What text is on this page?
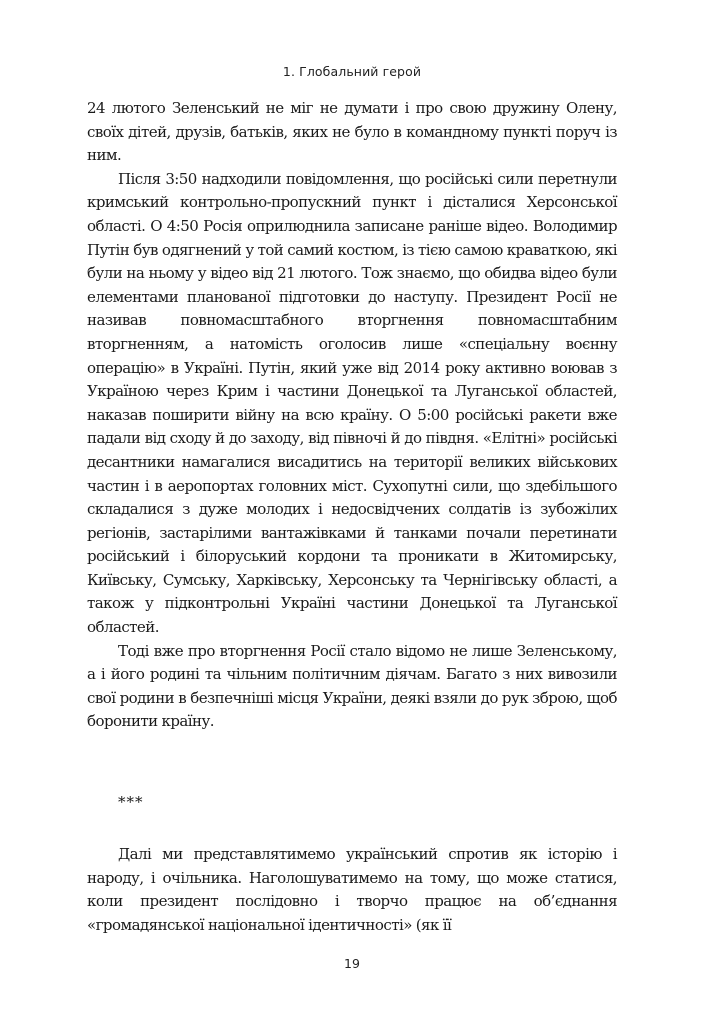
1. Глобальний герой

24 лютого Зеленський не міг не думати і про свою дружину Олену, своїх дітей, друзів, батьків, яких не було в командному пункті поруч із ним.

Після 3:50 надходили повідомлення, що російські сили перетнули кримський контрольно-пропускний пункт і дісталися Херсонської області. О 4:50 Росія оприлюднила записане раніше відео. Володимир Путін був одягнений у той самий костюм, із тією самою краваткою, які були на ньому у відео від 21 лютого. Тож знаємо, що обидва відео були елементами планованої підготовки до наступу. Президент Росії не називав повномасштабного вторгнення повномасштабним вторгненням, а натомість оголосив лише «спеціальну воєнну операцію» в Україні. Путін, який уже від 2014 року активно воював з Україною через Крим і частини Донецької та Луганської областей, наказав поширити війну на всю країну. О 5:00 російські ракети вже падали від сходу й до заходу, від півночі й до півдня. «Елітні» російські десантники намагалися висадитись на території великих військових частин і в аеропортах головних міст. Сухопутні сили, що здебільшого складалися з дуже молодих і недосвідчених солдатів із зубожілих регіонів, застарілими вантажівками й танками почали перетинати російський і білоруський кордони та проникати в Житомирську, Київську, Сумську, Харківську, Херсонську та Чернігівську області, а також у підконтрольні Україні частини Донецької та Луганської областей.

Тоді вже про вторгнення Росії стало відомо не лише Зеленському, а і його родині та чільним політичним діячам. Багато з них вивозили свої родини в безпечніші місця України, деякі взяли до рук зброю, щоб боронити країну.

***

Далі ми представлятимемо український спротив як історію і народу, і очільника. Наголошуватимемо на тому, що може статися, коли президент послідовно і творчо працює на об’єднання «громадянської національної ідентичності» (як її

19
